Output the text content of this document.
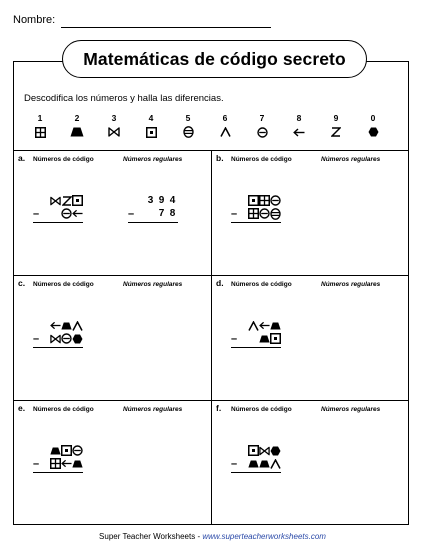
Nombre:
Matemáticas de código secreto
Descodifica los números y halla las diferencias.
1	2	3	4	5	6	7	8	9	0
a. Números de código	Números regulares
–
3 9 4
– 7 8
b. Números de código	Números regulares
–
c. Números de código	Números regulares
–
d. Números de código	Números regulares
–
e. Números de código	Números regulares
–
f. Números de código	Números regulares
–
Super Teacher Worksheets - www.superteacherworksheets.com
